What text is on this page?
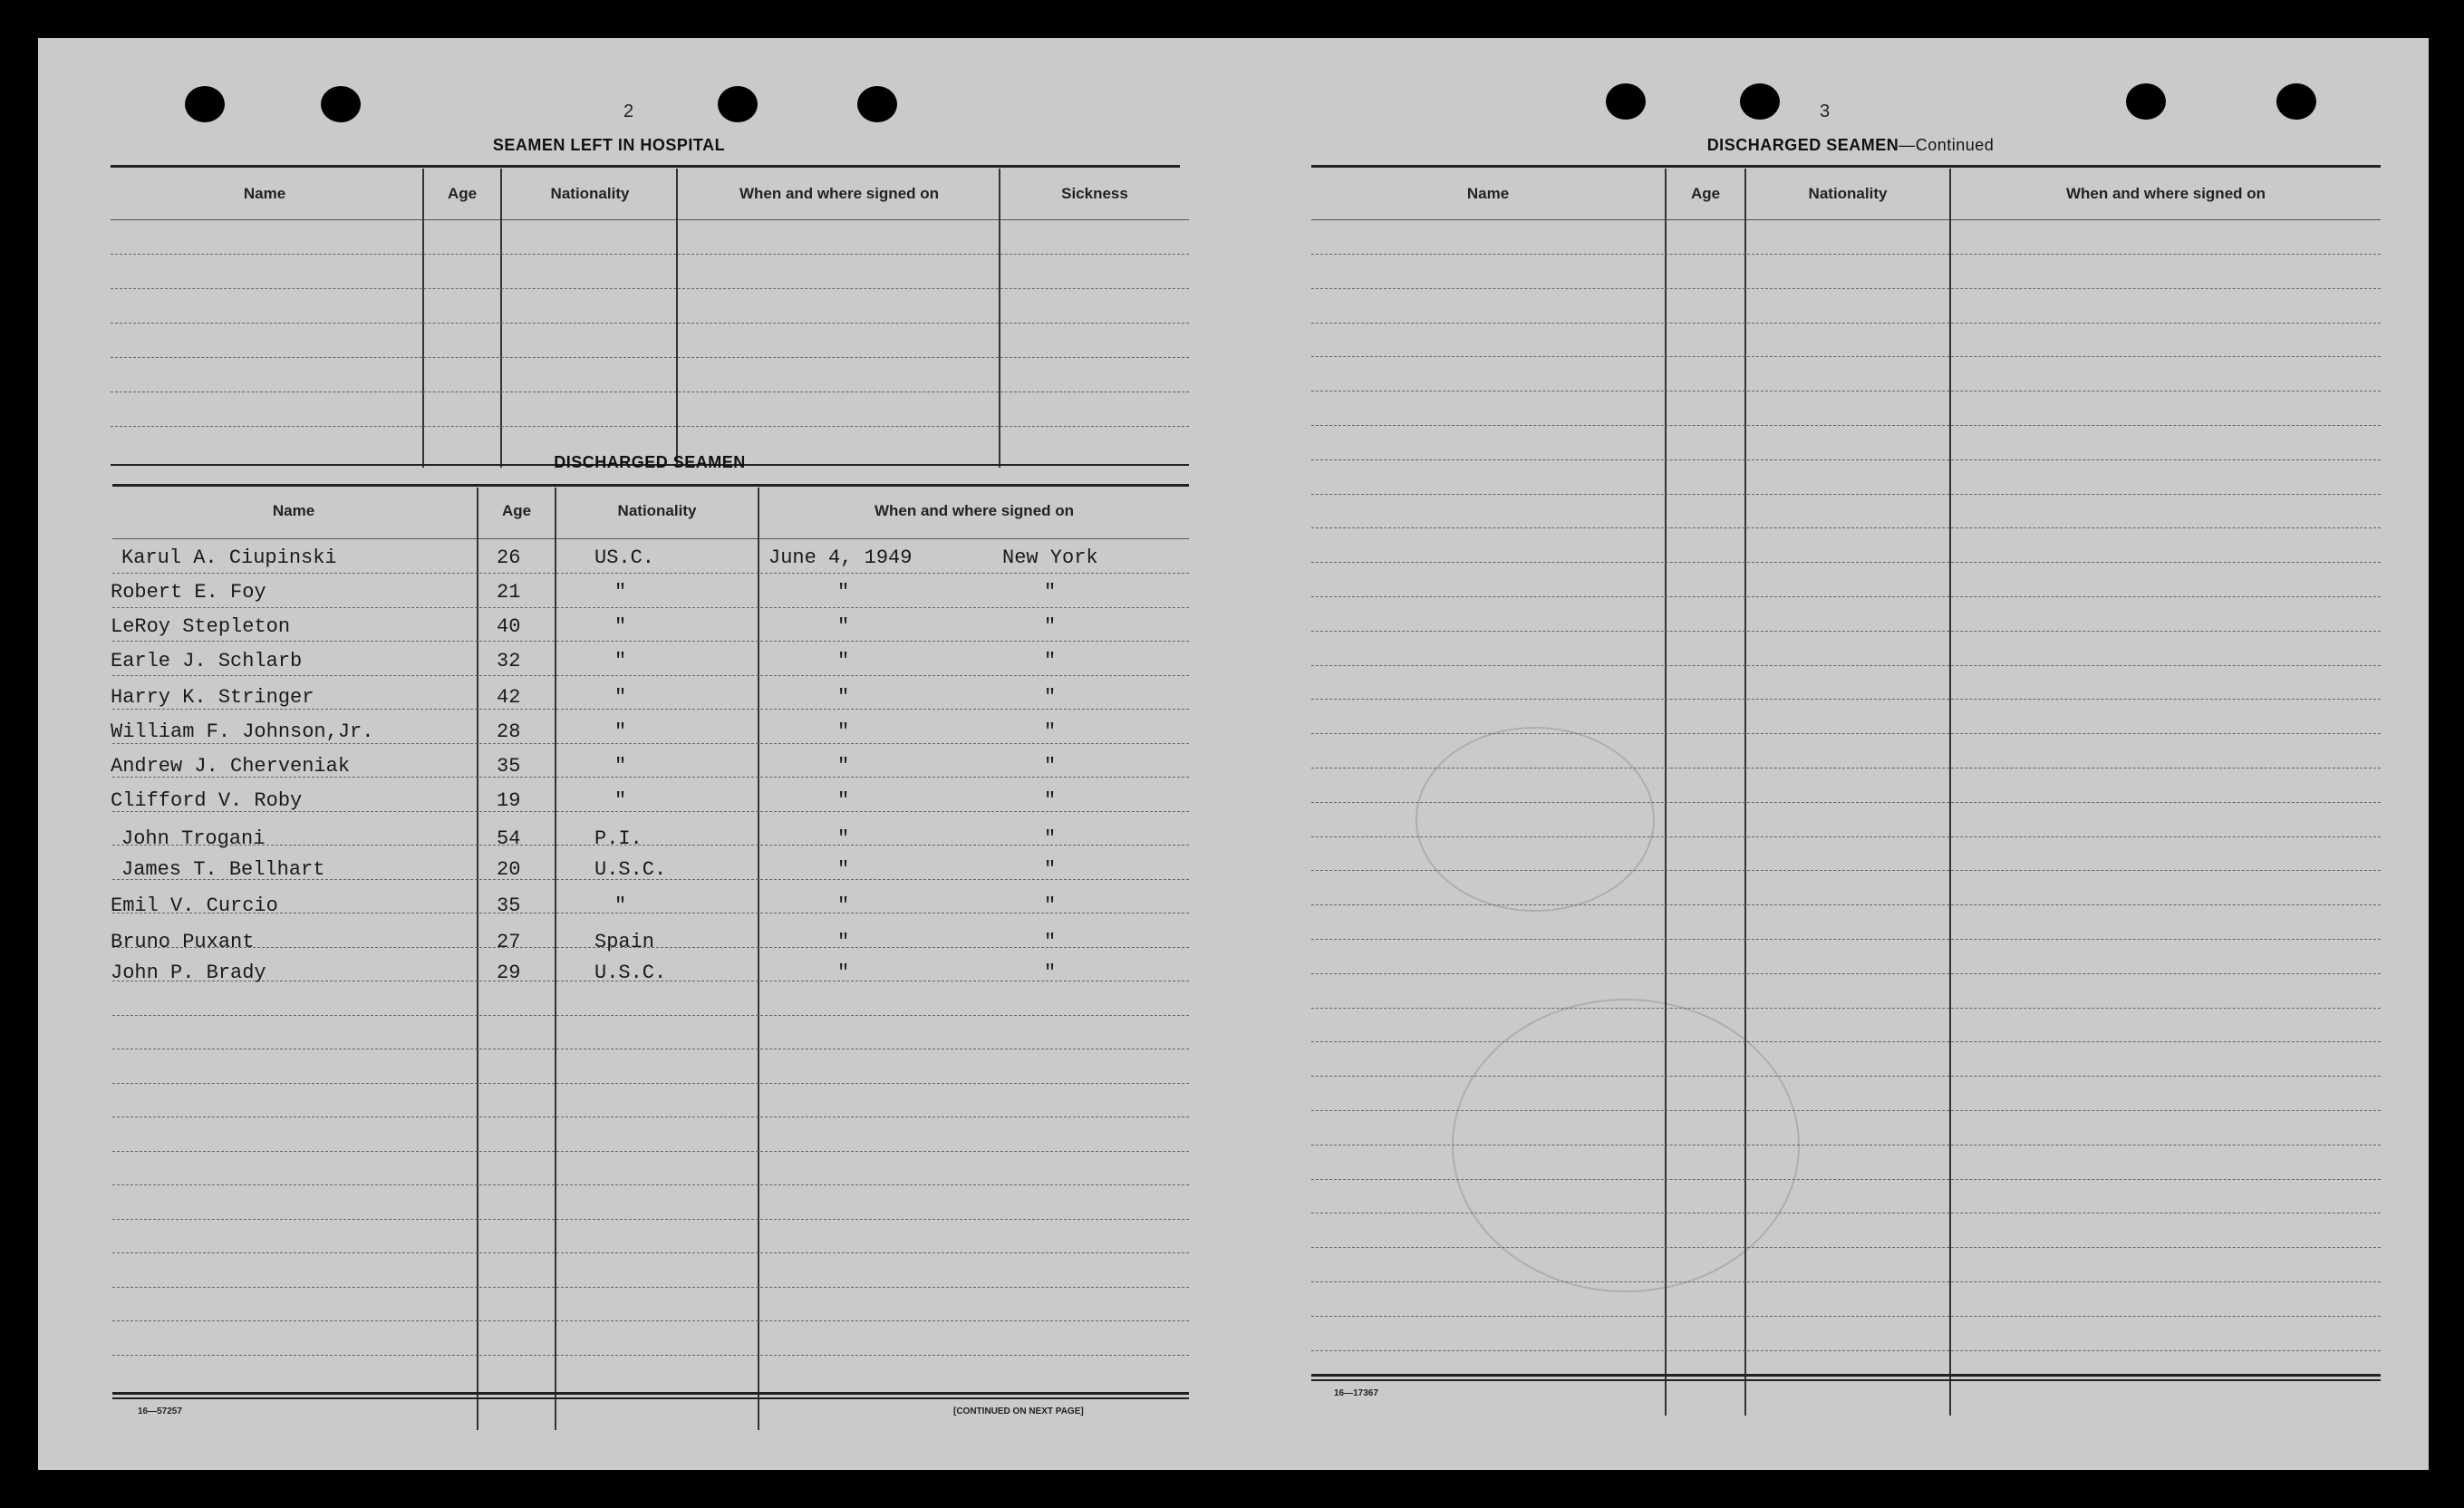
2
SEAMEN LEFT IN HOSPITAL
Name	Age	Nationality	When and where signed on	Sickness
DISCHARGED SEAMEN
Name	Age	Nationality	When and where signed on
Karul A. Ciupinski	26	US.C.	June 4, 1949	New York
Robert E. Foy	21	"	"	"
LeRoy Stepleton	40	"	"	"
Earle J. Schlarb	32	"	"	"
Harry K. Stringer	42	"	"	"
William F. Johnson,Jr.	28	"	"	"
Andrew J. Cherveniak	35	"	"	"
Clifford V. Roby	19	"	"	"
John Trogani	54	P.I.	"	"
James T. Bellhart	20	U.S.C.	"	"
Emil V. Curcio	35	"	"	"
Bruno Puxant	27	Spain	"	"
John P. Brady	29	U.S.C.	"	"
16—57257	[CONTINUED ON NEXT PAGE]
3
DISCHARGED SEAMEN—Continued
Name	Age	Nationality	When and where signed on
16—17367
